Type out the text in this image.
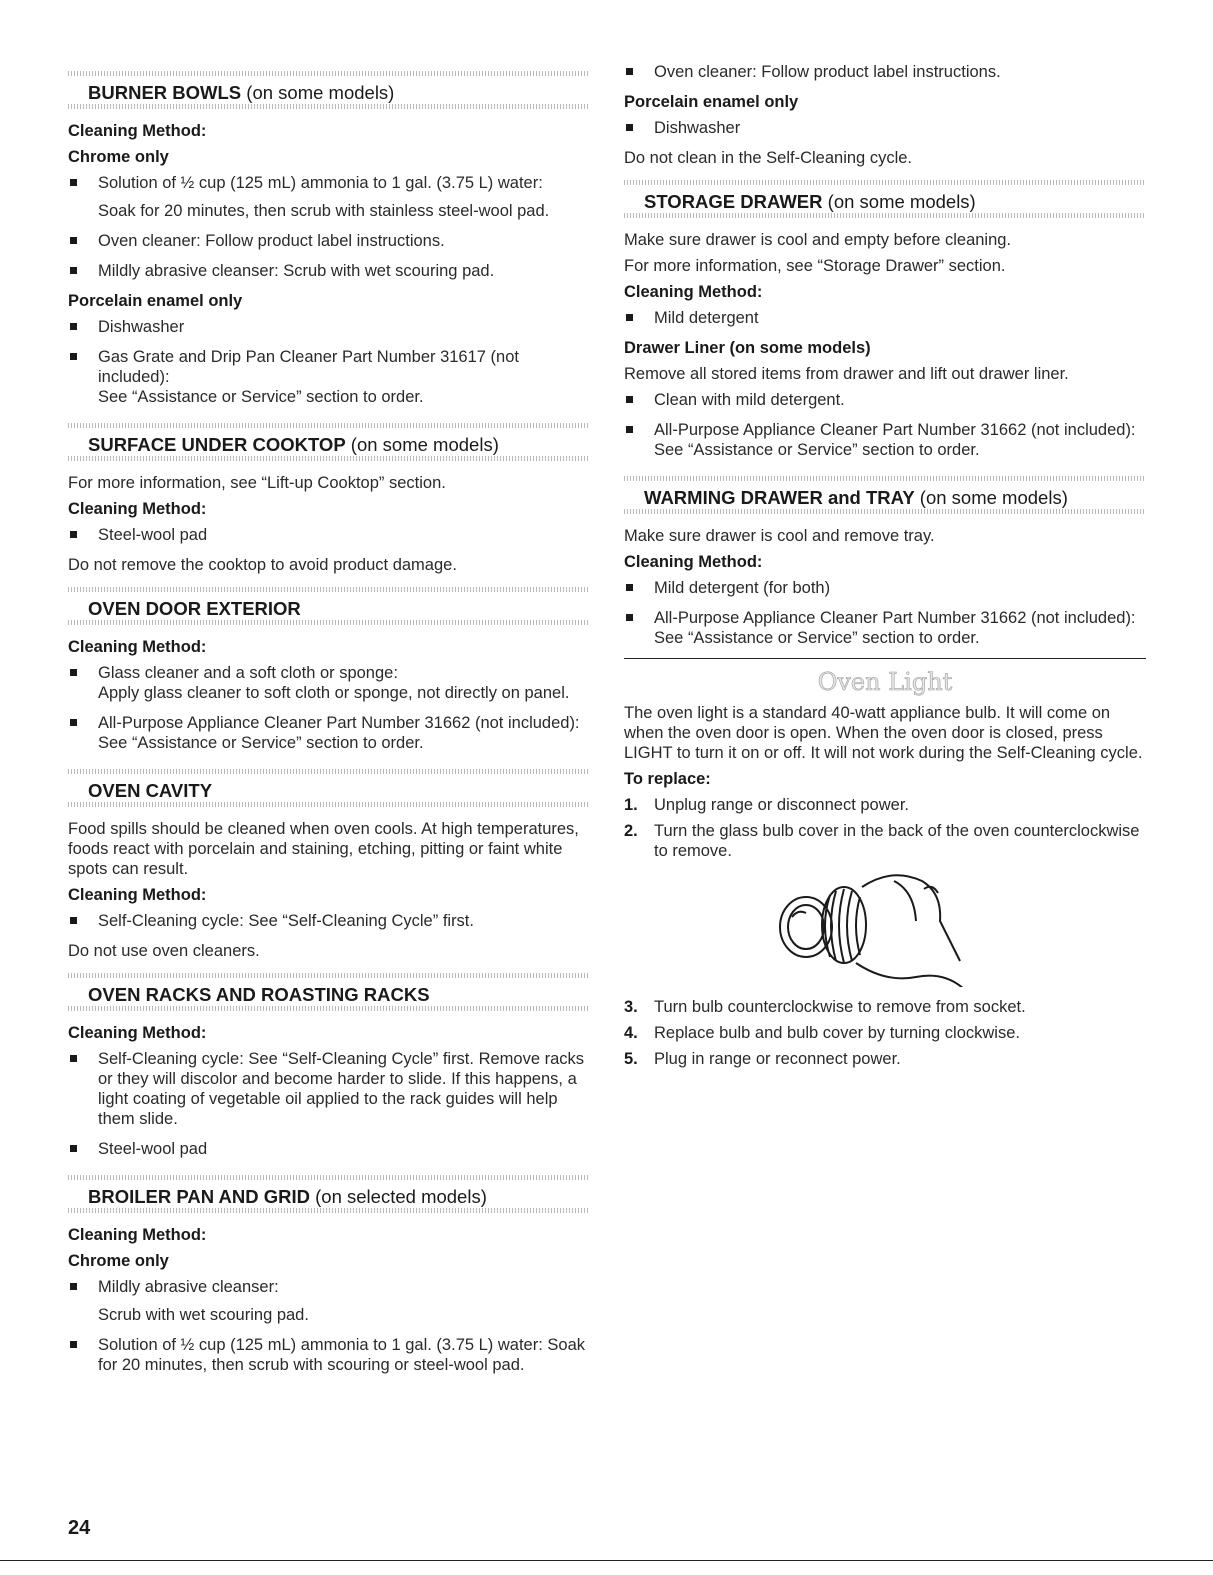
BURNER BOWLS (on some models)
Cleaning Method:
Chrome only
Solution of ½ cup (125 mL) ammonia to 1 gal. (3.75 L) water:
Soak for 20 minutes, then scrub with stainless steel-wool pad.
Oven cleaner: Follow product label instructions.
Mildly abrasive cleanser: Scrub with wet scouring pad.
Porcelain enamel only
Dishwasher
Gas Grate and Drip Pan Cleaner Part Number 31617 (not included):
See “Assistance or Service” section to order.
SURFACE UNDER COOKTOP (on some models)
For more information, see “Lift-up Cooktop” section.
Cleaning Method:
Steel-wool pad
Do not remove the cooktop to avoid product damage.
OVEN DOOR EXTERIOR
Cleaning Method:
Glass cleaner and a soft cloth or sponge:
Apply glass cleaner to soft cloth or sponge, not directly on panel.
All-Purpose Appliance Cleaner Part Number 31662 (not included):
See “Assistance or Service” section to order.
OVEN CAVITY
Food spills should be cleaned when oven cools. At high temperatures, foods react with porcelain and staining, etching, pitting or faint white spots can result.
Cleaning Method:
Self-Cleaning cycle: See “Self-Cleaning Cycle” first.
Do not use oven cleaners.
OVEN RACKS AND ROASTING RACKS
Cleaning Method:
Self-Cleaning cycle: See “Self-Cleaning Cycle” first. Remove racks or they will discolor and become harder to slide. If this happens, a light coating of vegetable oil applied to the rack guides will help them slide.
Steel-wool pad
BROILER PAN AND GRID (on selected models)
Cleaning Method:
Chrome only
Mildly abrasive cleanser:
Scrub with wet scouring pad.
Solution of ½ cup (125 mL) ammonia to 1 gal. (3.75 L) water: Soak for 20 minutes, then scrub with scouring or steel-wool pad.
Oven cleaner: Follow product label instructions.
Porcelain enamel only
Dishwasher
Do not clean in the Self-Cleaning cycle.
STORAGE DRAWER (on some models)
Make sure drawer is cool and empty before cleaning.
For more information, see “Storage Drawer” section.
Cleaning Method:
Mild detergent
Drawer Liner (on some models)
Remove all stored items from drawer and lift out drawer liner.
Clean with mild detergent.
All-Purpose Appliance Cleaner Part Number 31662 (not included):
See “Assistance or Service” section to order.
WARMING DRAWER and TRAY (on some models)
Make sure drawer is cool and remove tray.
Cleaning Method:
Mild detergent (for both)
All-Purpose Appliance Cleaner Part Number 31662 (not included):
See “Assistance or Service” section to order.
Oven Light
The oven light is a standard 40-watt appliance bulb. It will come on when the oven door is open. When the oven door is closed, press LIGHT to turn it on or off. It will not work during the Self-Cleaning cycle.
To replace:
1. Unplug range or disconnect power.
2. Turn the glass bulb cover in the back of the oven counterclockwise to remove.
3. Turn bulb counterclockwise to remove from socket.
4. Replace bulb and bulb cover by turning clockwise.
5. Plug in range or reconnect power.
24
